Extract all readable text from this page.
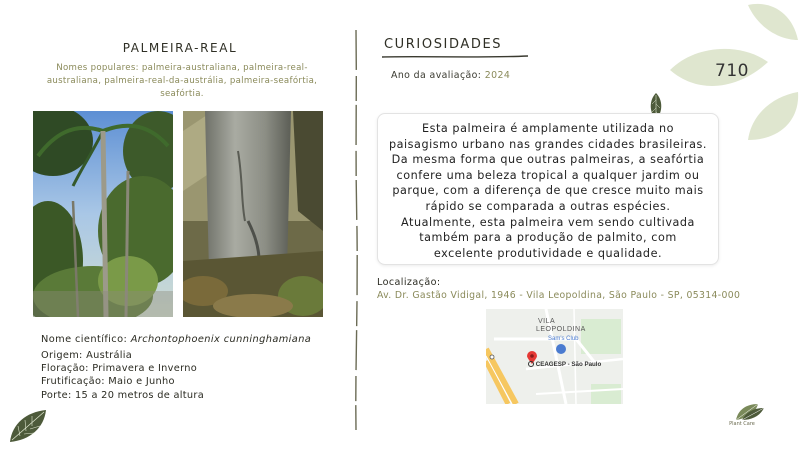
PALMEIRA-REAL
Nomes populares: palmeira-australiana, palmeira-real-australiana, palmeira-real-da-austrália, palmeira-seafórtia, seafórtia.
Nome científico: Archontophoenix cunninghamiana
Origem: Austrália
Floração: Primavera e Inverno
Frutificação: Maio e Junho
Porte: 15 a 20 metros de altura
CURIOSIDADES
Ano da avaliação: 2024	710

Esta palmeira é amplamente utilizada no paisagismo urbano nas grandes cidades brasileiras. Da mesma forma que outras palmeiras, a seafórtia confere uma beleza tropical a qualquer jardim ou parque, com a diferença de que cresce muito mais rápido se comparada a outras espécies. Atualmente, esta palmeira vem sendo cultivada também para a produção de palmito, com excelente produtividade e qualidade.

Localização:
Av. Dr. Gastão Vidigal, 1946 - Vila Leopoldina, São Paulo - SP, 05314-000
VILA
LEOPOLDINA
Sam's Club
CEAGESP - São Paulo
Plant Care
